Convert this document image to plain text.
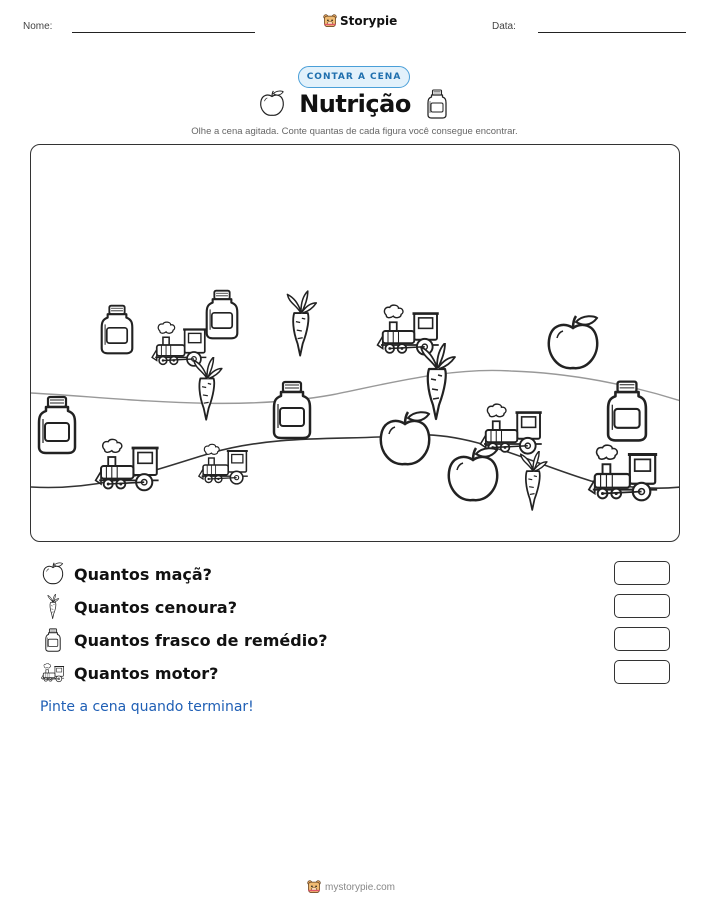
Nome:	Storypie	Data:
CONTAR A CENA
Nutrição
Olhe a cena agitada. Conte quantas de cada figura você consegue encontrar.
Quantos maçã?
Quantos cenoura?
Quantos frasco de remédio?
Quantos motor?
Pinte a cena quando terminar!
mystorypie.com
